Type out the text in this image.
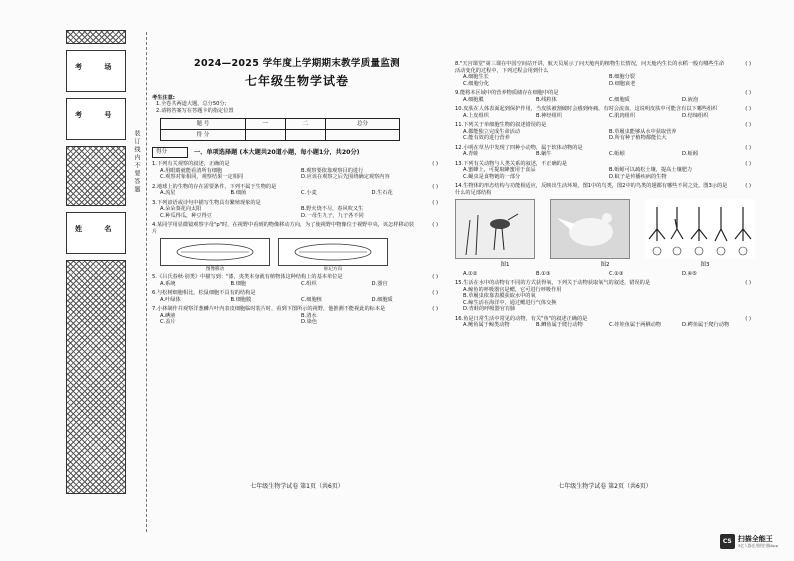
考 场
考 号
姓 名
装订线内不要答题
2024—2025 学年度上学期期末教学质量监测
七年级生物学试卷
考生注意:
1.全卷共两道大题，总分50分;
2.请将答案写在答题卡的指定位置
题 号	一	二	总分
得 分			
得分	一、单项选择题 (本大题共20道小题，每小题1分，共20分)
1.下列有关观察的叙述，正确的是	( )
A.用眼睛就能看清所有细胞	B.观察要依靠观察目的进行
C.观察对象相同，观察结果一定相同	D.应该在观察之后先围绕确定观察内容
2.地球上的生物的存在需要条件，下列不属于生物的是	( )
A.流星	B.细菌	C.小麦	D.生石花
3.下列谚语或诗句中描写生物具有繁殖现象的是	( )
A.朵朵葵花向太阳	B.野火烧不尽，春风吹又生
C.种瓜得瓜，种豆得豆	D.一母生九子，九子各不同
4.某同学用显微镜观察字母"p"时，在视野中看到的物像移动方向，为了使视野中物像位于视野中央，该怎样移动装片
( )
图像移动	标记方向
5.《吕氏春秋·别类》中描写到："漆，夷类本身就有植物体这种结构上的基本单位是	( )
A.系统	B.细胞	C.组织	D.器官
6.与松树细胞相比，松鼠细胞不具有的结构是	( )
A.叶绿体	B.细胞膜	C.细胞核	D.细胞质
7.小林制作并观察洋葱鳞片叶内表皮细胞临时装片时，看到下图所示的视野，他推测不能视此的标本是	( )
A.碘液	B.清水
C.盖片	D.染色
七年级生物学试卷 第1页（共6页）
8."天宫课堂"第三课在中国空间站开讲，航天员展示了问天舱内的植物生长情况，问天舱内生长的水稻一般有哪些生命活动变化的过程中，下列过程会用到什么
( )
A.细胞生长	B.细胞分裂
C.细胞分化	D.细胞衰老
9.能将本区域中的营养物质储存在细胞中的是	( )
A.细胞膜	B.线粒体	C.细胞质	D.液泡
10.皮肤在人体表面起到保护作用，当皮肤被割破时会感到疼痛，有时会流血，这说明皮肤中可能含有以下哪些组织	( )
A.上皮组织	B.神经组织	C.肌肉组织	D.结缔组织
11.下列关于单细胞生物的叙述错误的是	( )
A.都能独立完成生命活动	B.草履虫能够从水中获取营养
C.能有效的进行营养	D.所有种子植物都能长大
12.小明在草丛中发现了四种小动物，属于软体动物的是	( )
A.青蛙	B.蜗牛	C.蚯蚓	D.蚯蚓
13.下列有关动物与人类关系的叙述，不正确的是	( )
A.蜜蜂上，可提取蜂蜜用于食品	B.蚯蚓可以疏松土壤，提高土壤肥力
C.蝇虫是食物链的一部分	D.蚊子是传播疾病的生物
14.生物体的形态结构与功能相适应，反映出生活环境，图1中的鸟类，图2中的鸟类的翅都有哪些不同之处。图3示的是什么的足部结构
( )
图1	图2	图3
A.①②	B.①③	C.②③	D.④⑤
15.生活在水中的动物有不同的方式获得氧，下列关于动物获取氧气的叙述，错误的是	( )
A.鲸鱼的呼吸器官是鳃，它可进行呼吸作用
B.草履虫依靠表膜获取水中的氧
C.鲸生活在海洋中，通过鳃进行气体交换
D.青蛙的呼吸器官有肺
16.鱼是日常生活中常见的动物，有关"鱼"的叙述正确的是	( )
A.鲍鱼属于鲸类动物	B.鲫鱼属于爬行动物	C.娃娃鱼属于两栖动物	D.鳄鱼属于爬行动物
七年级生物学试卷 第2页（共6页）
CS 扫描全能王
3亿人都在用的扫描App
